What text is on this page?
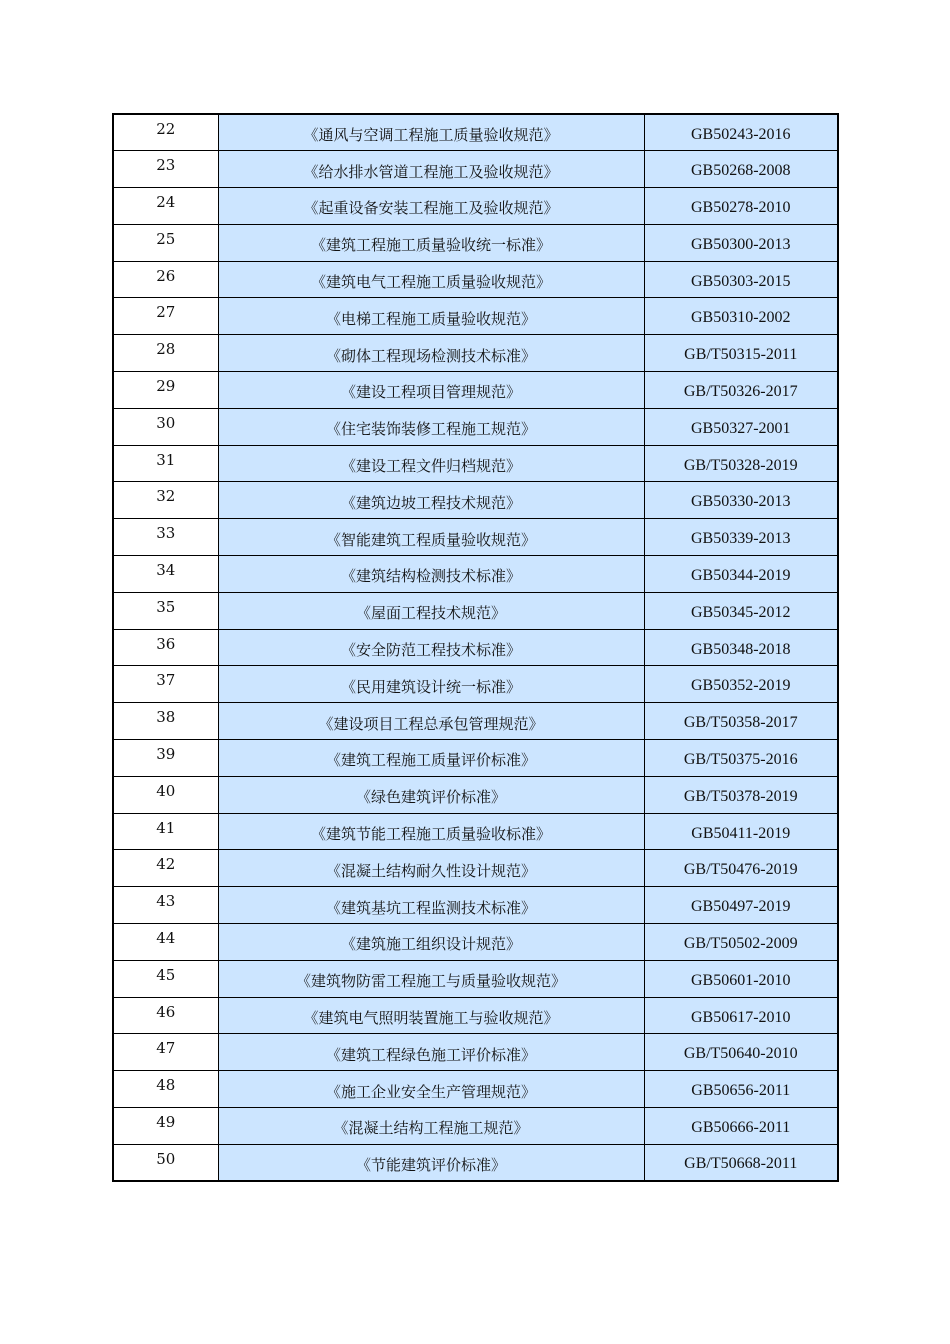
22	《通风与空调工程施工质量验收规范》	GB50243-2016
23	《给水排水管道工程施工及验收规范》	GB50268-2008
24	《起重设备安装工程施工及验收规范》	GB50278-2010
25	《建筑工程施工质量验收统一标准》	GB50300-2013
26	《建筑电气工程施工质量验收规范》	GB50303-2015
27	《电梯工程施工质量验收规范》	GB50310-2002
28	《砌体工程现场检测技术标准》	GB/T50315-2011
29	《建设工程项目管理规范》	GB/T50326-2017
30	《住宅装饰装修工程施工规范》	GB50327-2001
31	《建设工程文件归档规范》	GB/T50328-2019
32	《建筑边坡工程技术规范》	GB50330-2013
33	《智能建筑工程质量验收规范》	GB50339-2013
34	《建筑结构检测技术标准》	GB50344-2019
35	《屋面工程技术规范》	GB50345-2012
36	《安全防范工程技术标准》	GB50348-2018
37	《民用建筑设计统一标准》	GB50352-2019
38	《建设项目工程总承包管理规范》	GB/T50358-2017
39	《建筑工程施工质量评价标准》	GB/T50375-2016
40	《绿色建筑评价标准》	GB/T50378-2019
41	《建筑节能工程施工质量验收标准》	GB50411-2019
42	《混凝土结构耐久性设计规范》	GB/T50476-2019
43	《建筑基坑工程监测技术标准》	GB50497-2019
44	《建筑施工组织设计规范》	GB/T50502-2009
45	《建筑物防雷工程施工与质量验收规范》	GB50601-2010
46	《建筑电气照明装置施工与验收规范》	GB50617-2010
47	《建筑工程绿色施工评价标准》	GB/T50640-2010
48	《施工企业安全生产管理规范》	GB50656-2011
49	《混凝土结构工程施工规范》	GB50666-2011
50	《节能建筑评价标准》	GB/T50668-2011
